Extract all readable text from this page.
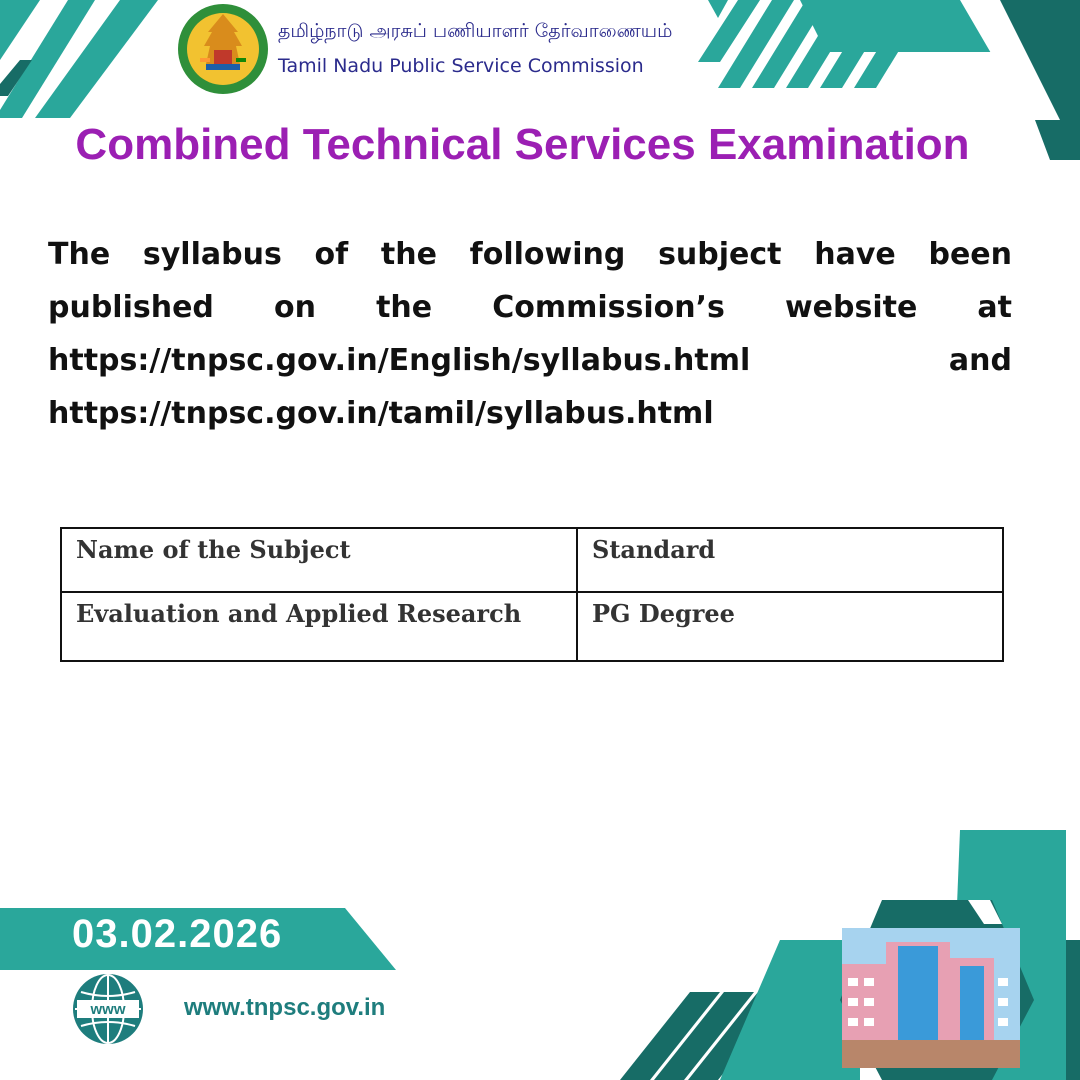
தமிழ்நாடு அரசுப் பணியாளர் தேர்வாணையம்
Tamil Nadu Public Service Commission
Combined Technical Services Examination
The syllabus of the following subject have been published on the Commission’s website at https://tnpsc.gov.in/English/syllabus.html and https://tnpsc.gov.in/tamil/syllabus.html
Name of the Subject	Standard
Evaluation and Applied Research	PG Degree
03.02.2026
www www.tnpsc.gov.in
